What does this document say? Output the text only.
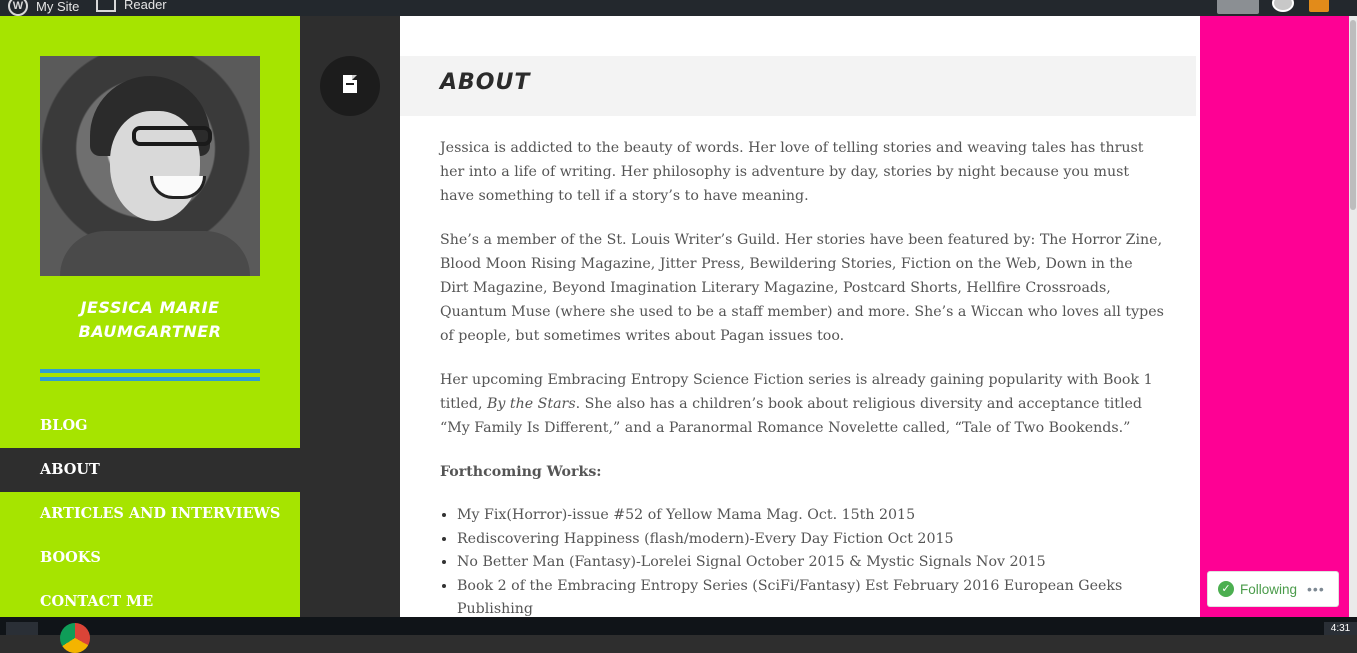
W My Site	Reader
JESSICA MARIE BAUMGARTNER
BLOG
ABOUT
ARTICLES AND INTERVIEWS
BOOKS
CONTACT ME
ABOUT

Jessica is addicted to the beauty of words. Her love of telling stories and weaving tales has thrust her into a life of writing. Her philosophy is adventure by day, stories by night because you must have something to tell if a story’s to have meaning.

She’s a member of the St. Louis Writer’s Guild. Her stories have been featured by: The Horror Zine, Blood Moon Rising Magazine, Jitter Press, Bewildering Stories, Fiction on the Web, Down in the Dirt Magazine, Beyond Imagination Literary Magazine, Postcard Shorts, Hellfire Crossroads, Quantum Muse (where she used to be a staff member) and more. She’s a Wiccan who loves all types of people, but sometimes writes about Pagan issues too.

Her upcoming Embracing Entropy Science Fiction series is already gaining popularity with Book 1 titled, By the Stars. She also has a children’s book about religious diversity and acceptance titled “My Family Is Different,” and a Paranormal Romance Novelette called, “Tale of Two Bookends.”

Forthcoming Works:

• My Fix(Horror)-issue #52 of Yellow Mama Mag. Oct. 15th 2015
• Rediscovering Happiness (flash/modern)-Every Day Fiction Oct 2015
• No Better Man (Fantasy)-Lorelei Signal October 2015 & Mystic Signals Nov 2015
• Book 2 of the Embracing Entropy Series (SciFi/Fantasy) Est February 2016 European Geeks Publishing
✓ Following •••
4:31
